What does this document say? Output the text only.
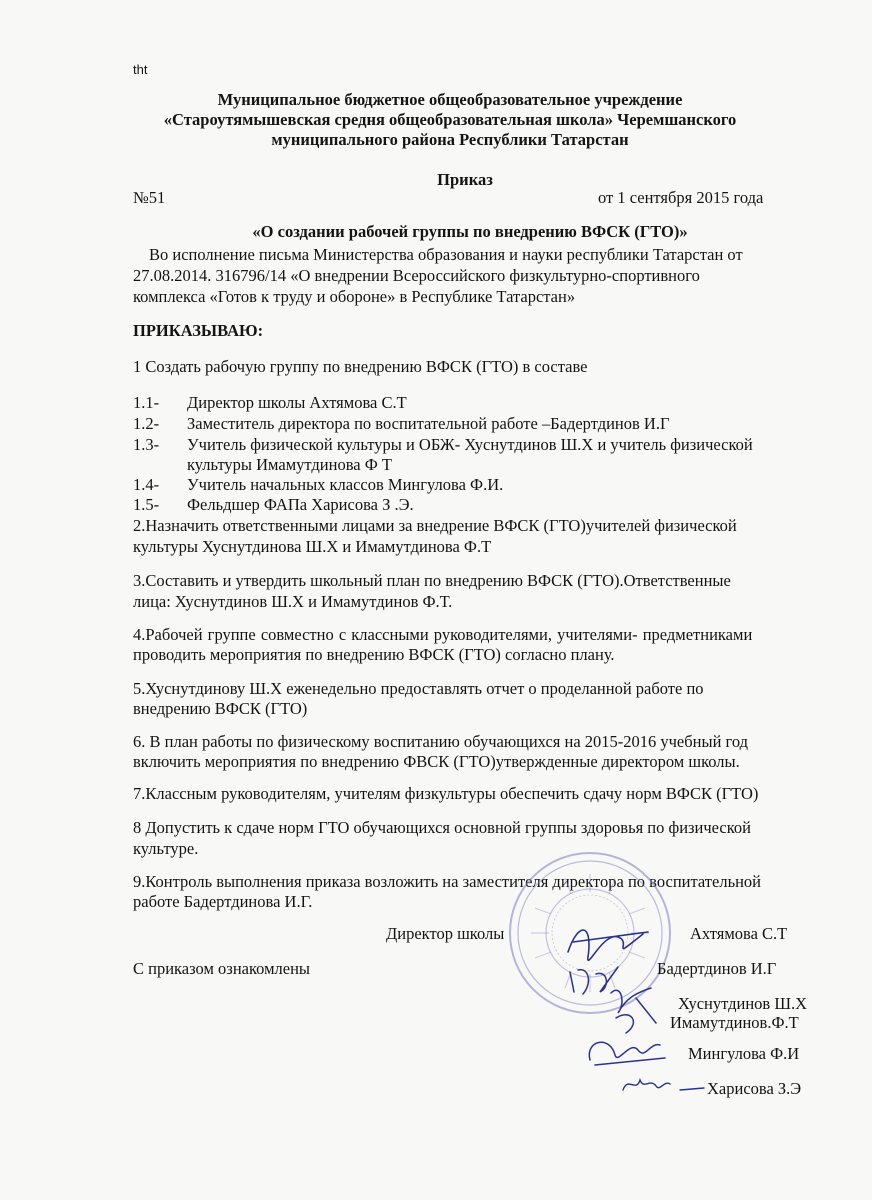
tht
Муниципальное бюджетное общеобразовательное учреждение
«Староутямышевская средня общеобразовательная школа» Черемшанского
муниципального района Республики Татарстан
Приказ
№51	от 1 сентября 2015 года
«О создании рабочей группы по внедрению ВФСК (ГТО)»
Во исполнение письма Министерства образования и науки республики Татарстан от
27.08.2014. 316796/14 «О внедрении Всероссийского физкультурно-спортивного
комплекса «Готов к труду и обороне» в Республике Татарстан»
ПРИКАЗЫВАЮ:
1 Создать рабочую группу по внедрению ВФСК (ГТО) в составе
1.1- Директор школы Ахтямова С.Т
1.2- Заместитель директора по воспитательной работе –Бадертдинов И.Г
1.3- Учитель физической культуры и ОБЖ- Хуснутдинов Ш.Х и учитель физической
культуры Имамутдинова Ф Т
1.4- Учитель начальных классов Мингулова Ф.И.
1.5- Фельдшер ФАПа Харисова З .Э.
2.Назначить ответственными лицами за внедрение ВФСК (ГТО)учителей физической
культуры Хуснутдинова Ш.Х и Имамутдинова Ф.Т
3.Составить и утвердить школьный план по внедрению ВФСК (ГТО).Ответственные
лица: Хуснутдинов Ш.Х и Имамутдинов Ф.Т.
4.Рабочей группе совместно с классными руководителями, учителями- предметниками
проводить мероприятия по внедрению ВФСК (ГТО) согласно плану.
5.Хуснутдинову Ш.Х еженедельно предоставлять отчет о проделанной работе по
внедрению ВФСК (ГТО)
6. В план работы по физическому воспитанию обучающихся на 2015-2016 учебный год
включить мероприятия по внедрению ФВСК (ГТО)утвержденные директором школы.
7.Классным руководителям, учителям физкультуры обеспечить сдачу норм ВФСК (ГТО)
8 Допустить к сдаче норм ГТО обучающихся основной группы здоровья по физической
культуре.
9.Контроль выполнения приказа возложить на заместителя директора по воспитательной
работе Бадертдинова И.Г.
Директор школы	Ахтямова С.Т
С приказом ознакомлены	Бадертдинов И.Г
Хуснутдинов Ш.Х
Имамутдинов.Ф.Т
Мингулова Ф.И
Харисова З.Э
